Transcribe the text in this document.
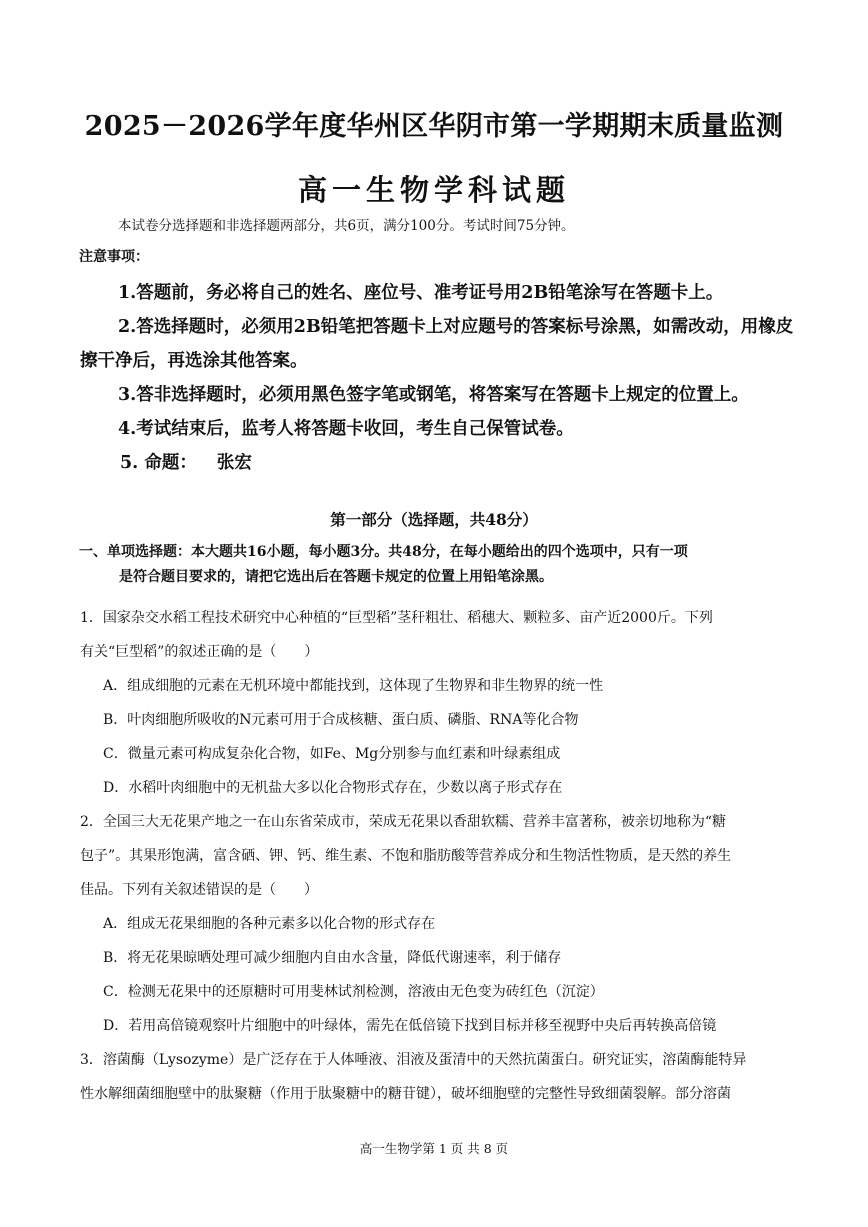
2025－2026学年度华州区华阴市第一学期期末质量监测
高一生物学科试题
本试卷分选择题和非选择题两部分，共6页，满分100分。考试时间75分钟。
注意事项：

1.答题前，务必将自己的姓名、座位号、准考证号用2B铅笔涂写在答题卡上。

2.答选择题时，必须用2B铅笔把答题卡上对应题号的答案标号涂黑，如需改动，用橡皮擦干净后，再选涂其他答案。

3.答非选择题时，必须用黑色签字笔或钢笔，将答案写在答题卡上规定的位置上。

4.考试结束后，监考人将答题卡收回，考生自己保管试卷。

5. 命题： 张宏

第一部分（选择题，共48分）
一、单项选择题：本大题共16小题，每小题3分。共48分，在每小题给出的四个选项中，只有一项
是符合题目要求的，请把它选出后在答题卡规定的位置上用铅笔涂黑。

1．国家杂交水稻工程技术研究中心种植的“巨型稻”茎秆粗壮、稻穗大、颗粒多、亩产近2000斤。下列

有关“巨型稻”的叙述正确的是（　　）

A．组成细胞的元素在无机环境中都能找到，这体现了生物界和非生物界的统一性

B．叶肉细胞所吸收的N元素可用于合成核糖、蛋白质、磷脂、RNA等化合物

C．微量元素可构成复杂化合物，如Fe、Mg分别参与血红素和叶绿素组成

D．水稻叶肉细胞中的无机盐大多以化合物形式存在，少数以离子形式存在

2．全国三大无花果产地之一在山东省荣成市，荣成无花果以香甜软糯、营养丰富著称，被亲切地称为“糖

包子”。其果形饱满，富含硒、钾、钙、维生素、不饱和脂肪酸等营养成分和生物活性物质，是天然的养生

佳品。下列有关叙述错误的是（　　）

A．组成无花果细胞的各种元素多以化合物的形式存在

B．将无花果晾晒处理可减少细胞内自由水含量，降低代谢速率，利于储存

C．检测无花果中的还原糖时可用斐林试剂检测，溶液由无色变为砖红色（沉淀）

D．若用高倍镜观察叶片细胞中的叶绿体，需先在低倍镜下找到目标并移至视野中央后再转换高倍镜

3．溶菌酶（Lysozyme）是广泛存在于人体唾液、泪液及蛋清中的天然抗菌蛋白。研究证实，溶菌酶能特异

性水解细菌细胞壁中的肽聚糖（作用于肽聚糖中的糖苷键），破坏细胞壁的完整性导致细菌裂解。部分溶菌

高一生物学第 1 页 共 8 页
